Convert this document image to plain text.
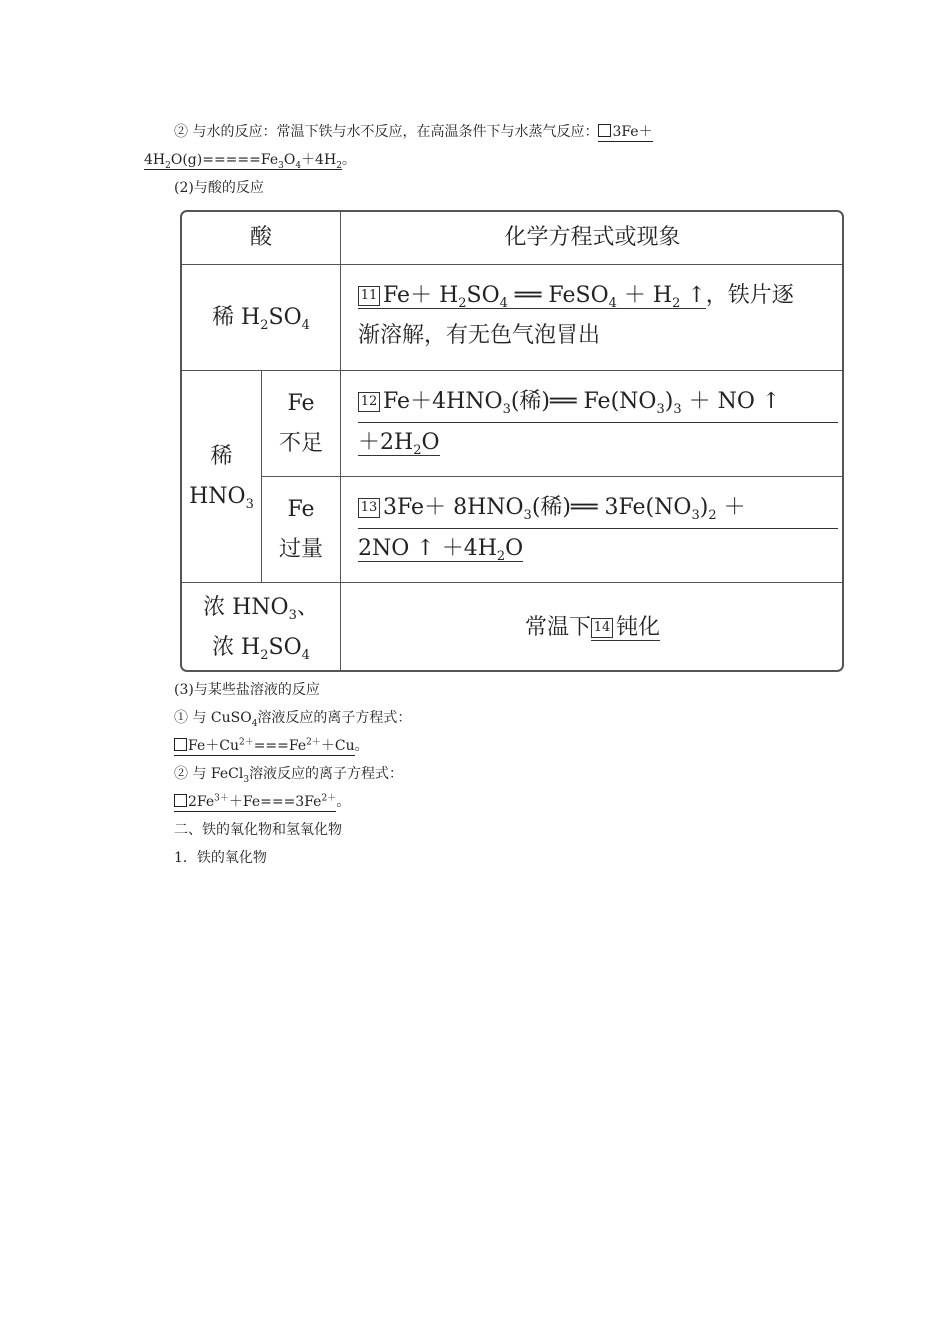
② 与水的反应：常温下铁与水不反应，在高温条件下与水蒸气反应： 3Fe＋
$4H_2O(g)=====Fe_3O_4+4H_2$。
(2)与酸的反应
酸	化学方程式或现象
稀 $H_2SO_4$
11 $Fe+ H_2SO_4$ ══ FeSO$_4$ ＋ $H_2$ ↑，铁片逐
渐溶解，有无色气泡冒出
稀
$HNO_3$
Fe
不足
12 $Fe+4HNO_3$(稀)══ $Fe(NO_3)_3$ ＋ NO ↑
$+2H_2O$
Fe
过量
13 $3Fe+ 8HNO_3$(稀)══ $3Fe(NO_3)_2$ ＋
2NO ↑ $+4H_2O$
浓 $HNO_3$、
浓 $H_2SO_4$
常温下 14 钝化
(3)与某些盐溶液的反应
① 与 CuSO$_4$溶液反应的离子方程式：
$Fe+Cu^{2+}===Fe^{2+}+Cu$。
② 与 FeCl$_3$溶液反应的离子方程式：
$2Fe^{3+}+Fe===3Fe^{2+}$。
二、铁的氧化物和氢氧化物
1．铁的氧化物
